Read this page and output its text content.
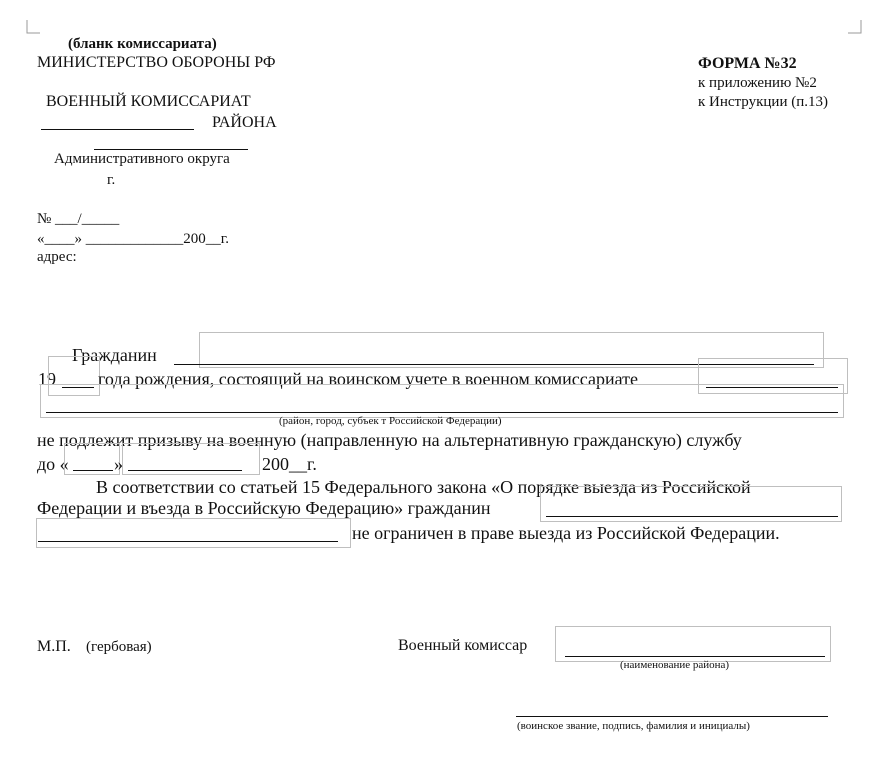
(бланк комиссариата)
МИНИСТЕРСТВО ОБОРОНЫ РФ
ВОЕННЫЙ КОМИССАРИАТ
РАЙОНА
Административного округа
г.
№ ___/_____
«____» _____________200__г.
адрес:
ФОРМА №32
к приложению №2
к Инструкции (п.13)
Гражданин
19 года рождения, состоящий на воинском учете в военном комиссариате
(район, город, субъек т Российской Федерации)
не подлежит призыву на военную (направленную на альтернативную гражданскую) службу
до «	»	200__г.
В соответствии со статьей 15 Федерального закона «О порядке выезда из Российской
Федерации и въезда в Российскую Федерацию» гражданин
не ограничен в праве выезда из Российской Федерации.
М.П. (гербовая)	Военный комиссар
(наименование района)
(воинское звание, подпись, фамилия и инициалы)
